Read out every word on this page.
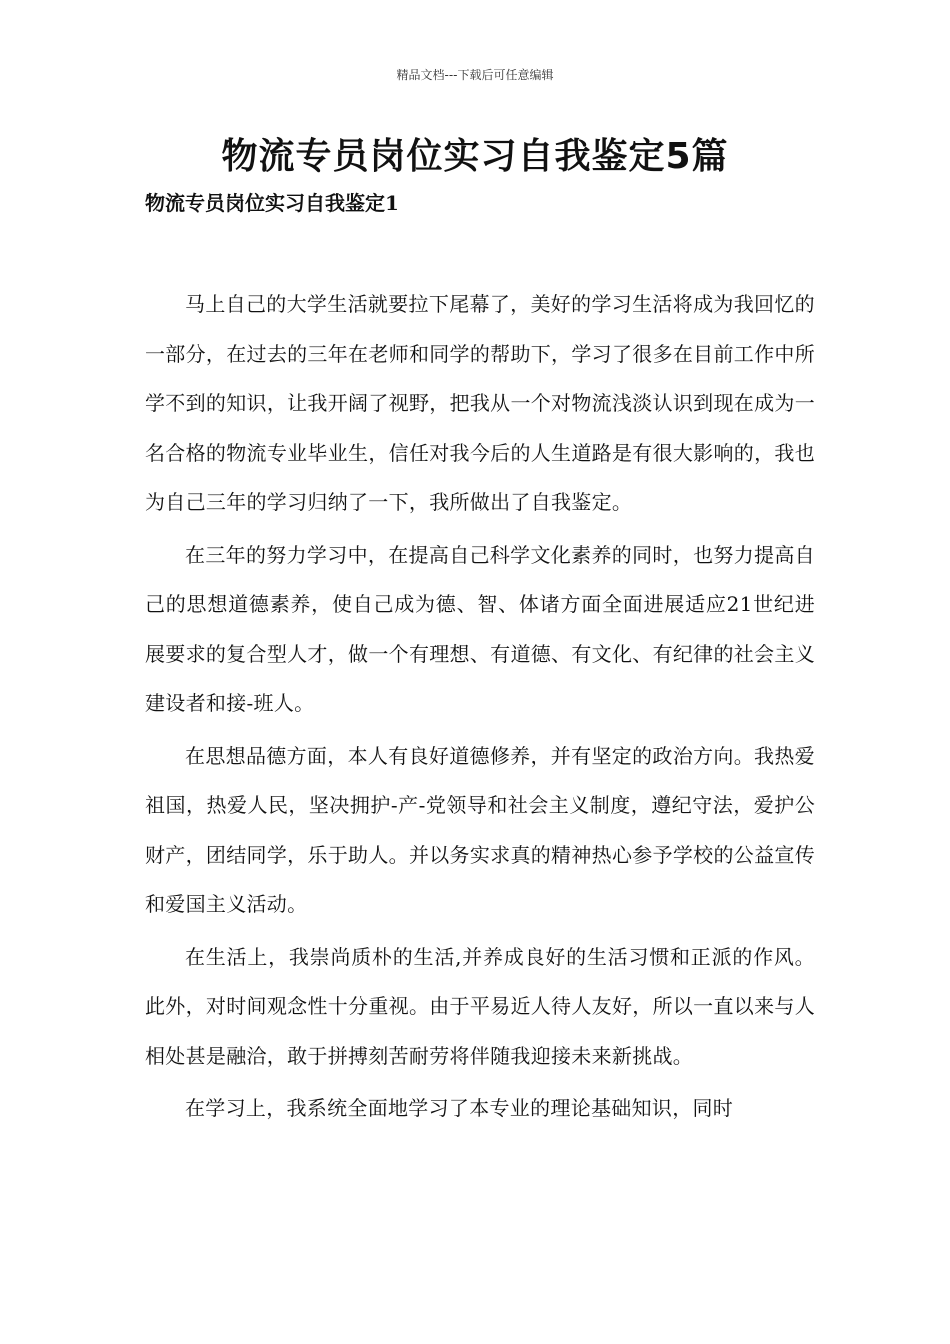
精品文档---下载后可任意编辑
物流专员岗位实习自我鉴定5篇
物流专员岗位实习自我鉴定1

马上自己的大学生活就要拉下尾幕了，美好的学习生活将成为我回忆的一部分，在过去的三年在老师和同学的帮助下，学习了很多在目前工作中所学不到的知识，让我开阔了视野，把我从一个对物流浅淡认识到现在成为一名合格的物流专业毕业生，信任对我今后的人生道路是有很大影响的，我也为自己三年的学习归纳了一下，我所做出了自我鉴定。

在三年的努力学习中，在提高自己科学文化素养的同时，也努力提高自己的思想道德素养，使自己成为德、智、体诸方面全面进展适应21世纪进展要求的复合型人才，做一个有理想、有道德、有文化、有纪律的社会主义建设者和接-班人。

在思想品德方面，本人有良好道德修养，并有坚定的政治方向。我热爱祖国，热爱人民，坚决拥护-产-党领导和社会主义制度，遵纪守法，爱护公财产，团结同学，乐于助人。并以务实求真的精神热心参予学校的公益宣传和爱国主义活动。

在生活上，我崇尚质朴的生活,并养成良好的生活习惯和正派的作风。此外，对时间观念性十分重视。由于平易近人待人友好，所以一直以来与人相处甚是融洽，敢于拼搏刻苦耐劳将伴随我迎接未来新挑战。

在学习上，我系统全面地学习了本专业的理论基础知识，同时
